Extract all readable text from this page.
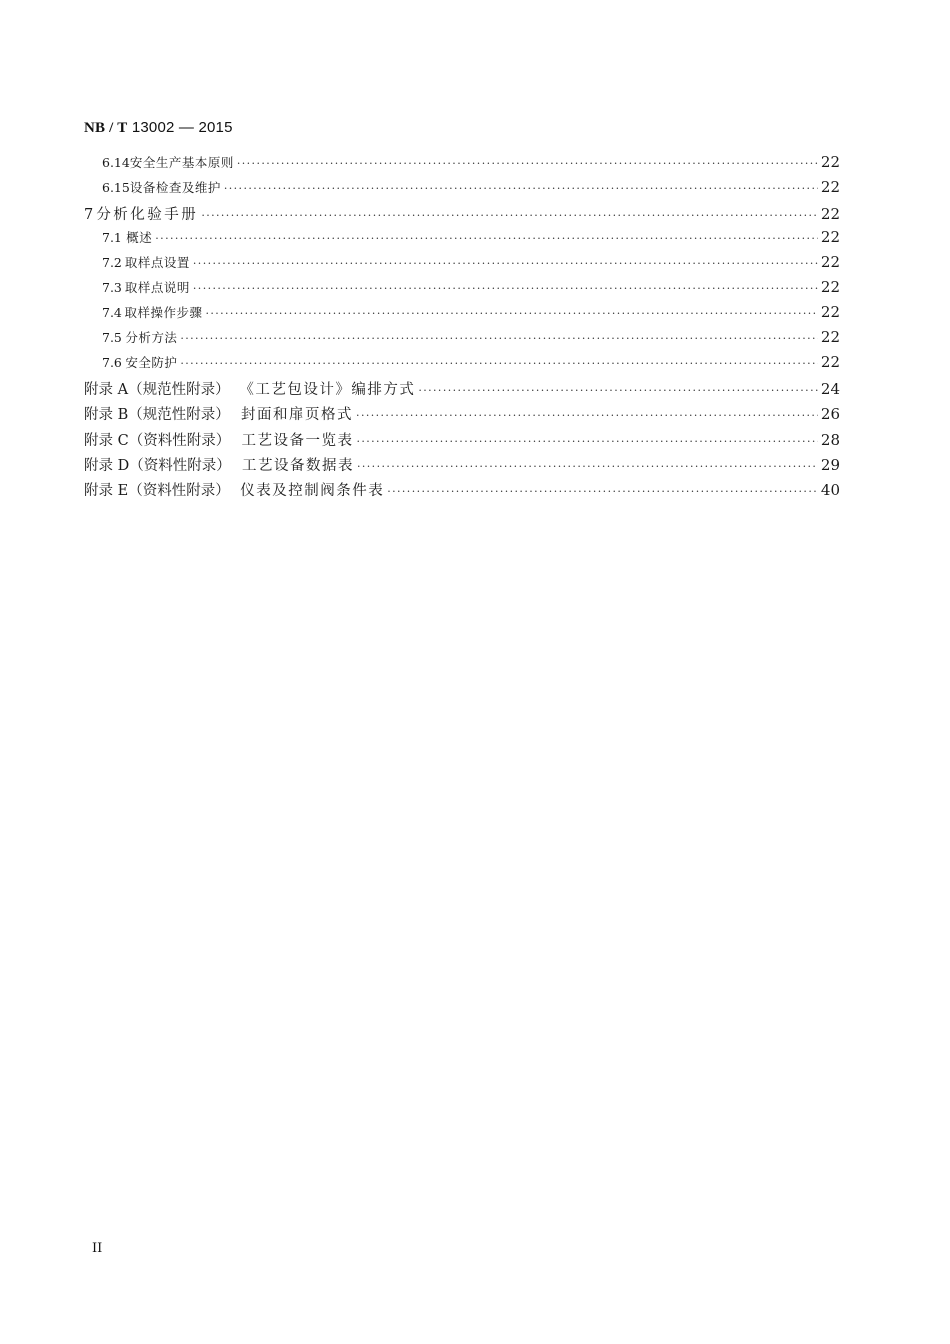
NB / T 13002 — 2015
6.14 安全生产基本原则 ·····	22
6.15 设备检查及维护 ·····	22
7 分析化验手册 ·····	22
7.1 概述 ·····	22
7.2 取样点设置 ·····	22
7.3 取样点说明 ·····	22
7.4 取样操作步骤 ·····	22
7.5 分析方法 ·····	22
7.6 安全防护 ·····	22
附录 A（规范性附录） 《工艺包设计》编排方式 ·····	24
附录 B（规范性附录） 封面和扉页格式 ·····	26
附录 C（资料性附录） 工艺设备一览表 ·····	28
附录 D（资料性附录） 工艺设备数据表 ·····	29
附录 E（资料性附录） 仪表及控制阀条件表 ·····	40
II
